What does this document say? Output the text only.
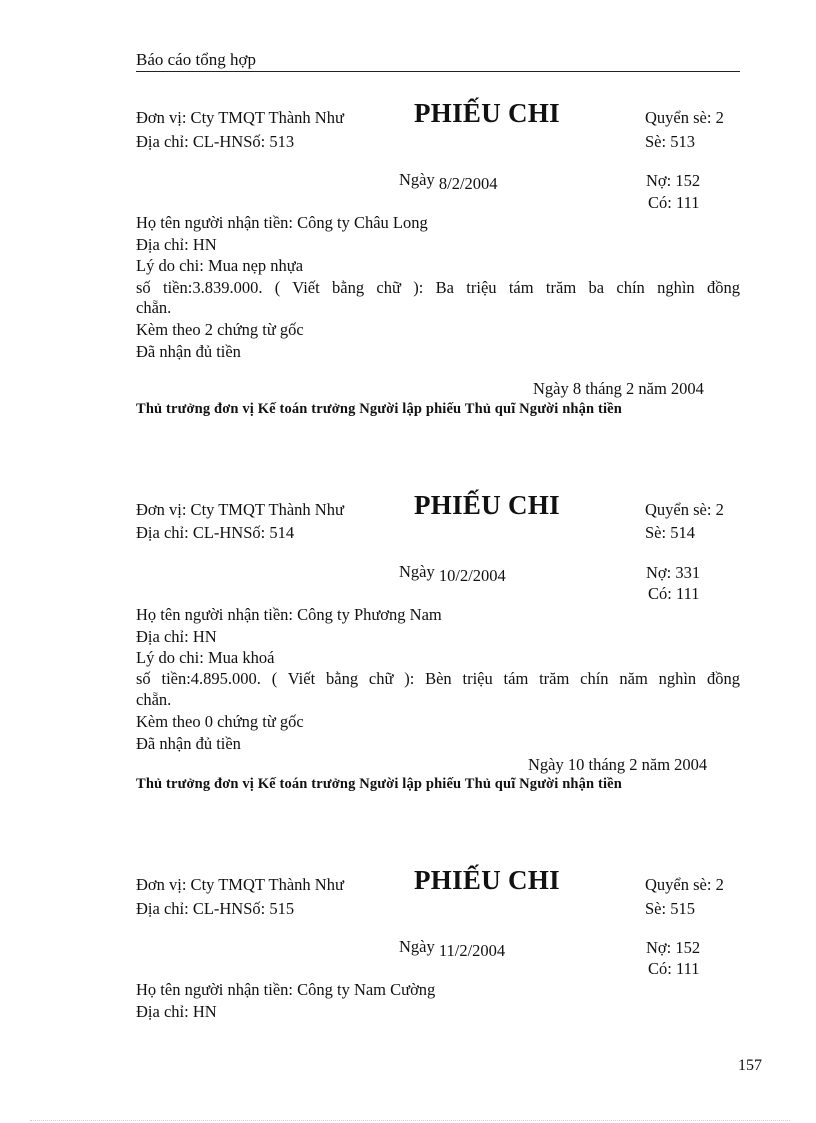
Báo cáo tổng hợp
Đơn vị: Cty TMQT Thành Như	PHIẾU CHI	Quyển sè: 2
Địa chỉ: CL-HNSố: 513	Sè: 513
Ngày 8/2/2004	Nợ: 152
Có: 111
Họ tên người nhận tiền: Công ty Châu Long
Địa chỉ: HN
Lý do chi: Mua nẹp nhựa
số tiền:3.839.000. ( Viết bằng chữ ): Ba triệu tám trăm ba chín nghìn đồng
chẵn.
Kèm theo 2 chứng từ gốc
Đã nhận đủ tiền
Ngày 8 tháng 2 năm 2004
Thủ trưởng đơn vị Kế toán trưởng Người lập phiếu Thủ quĩ Người nhận tiền
Đơn vị: Cty TMQT Thành Như	PHIẾU CHI	Quyển sè: 2
Địa chỉ: CL-HNSố: 514	Sè: 514
Ngày 10/2/2004	Nợ: 331
Có: 111
Họ tên người nhận tiền: Công ty Phương Nam
Địa chỉ: HN
Lý do chi: Mua khoá
số tiền:4.895.000. ( Viết bằng chữ ): Bèn triệu tám trăm chín năm nghìn đồng
chẵn.
Kèm theo 0 chứng từ gốc
Đã nhận đủ tiền
Ngày 10 tháng 2 năm 2004
Thủ trưởng đơn vị Kế toán trưởng Người lập phiếu Thủ quĩ Người nhận tiền
Đơn vị: Cty TMQT Thành Như	PHIẾU CHI	Quyển sè: 2
Địa chỉ: CL-HNSố: 515	Sè: 515
Ngày 11/2/2004	Nợ: 152
Có: 111
Họ tên người nhận tiền: Công ty Nam Cường
Địa chỉ: HN
157
